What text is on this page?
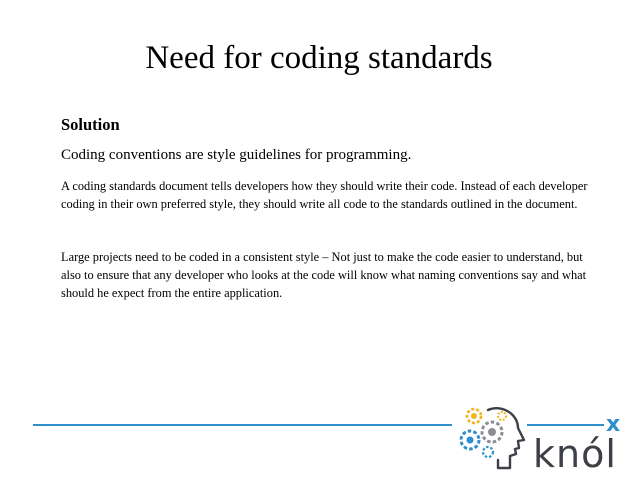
Need for coding standards
Solution

Coding conventions are style guidelines for programming.

A coding standards document tells developers how they should write their code. Instead of each developer coding in their own preferred style, they should write all code to the standards outlined in the document.

Large projects need to be coded in a consistent style – Not just to make the code easier to understand, but also to ensure that any developer who looks at the code will know what naming conventions say and what should he expect from the entire application.

knól
x
